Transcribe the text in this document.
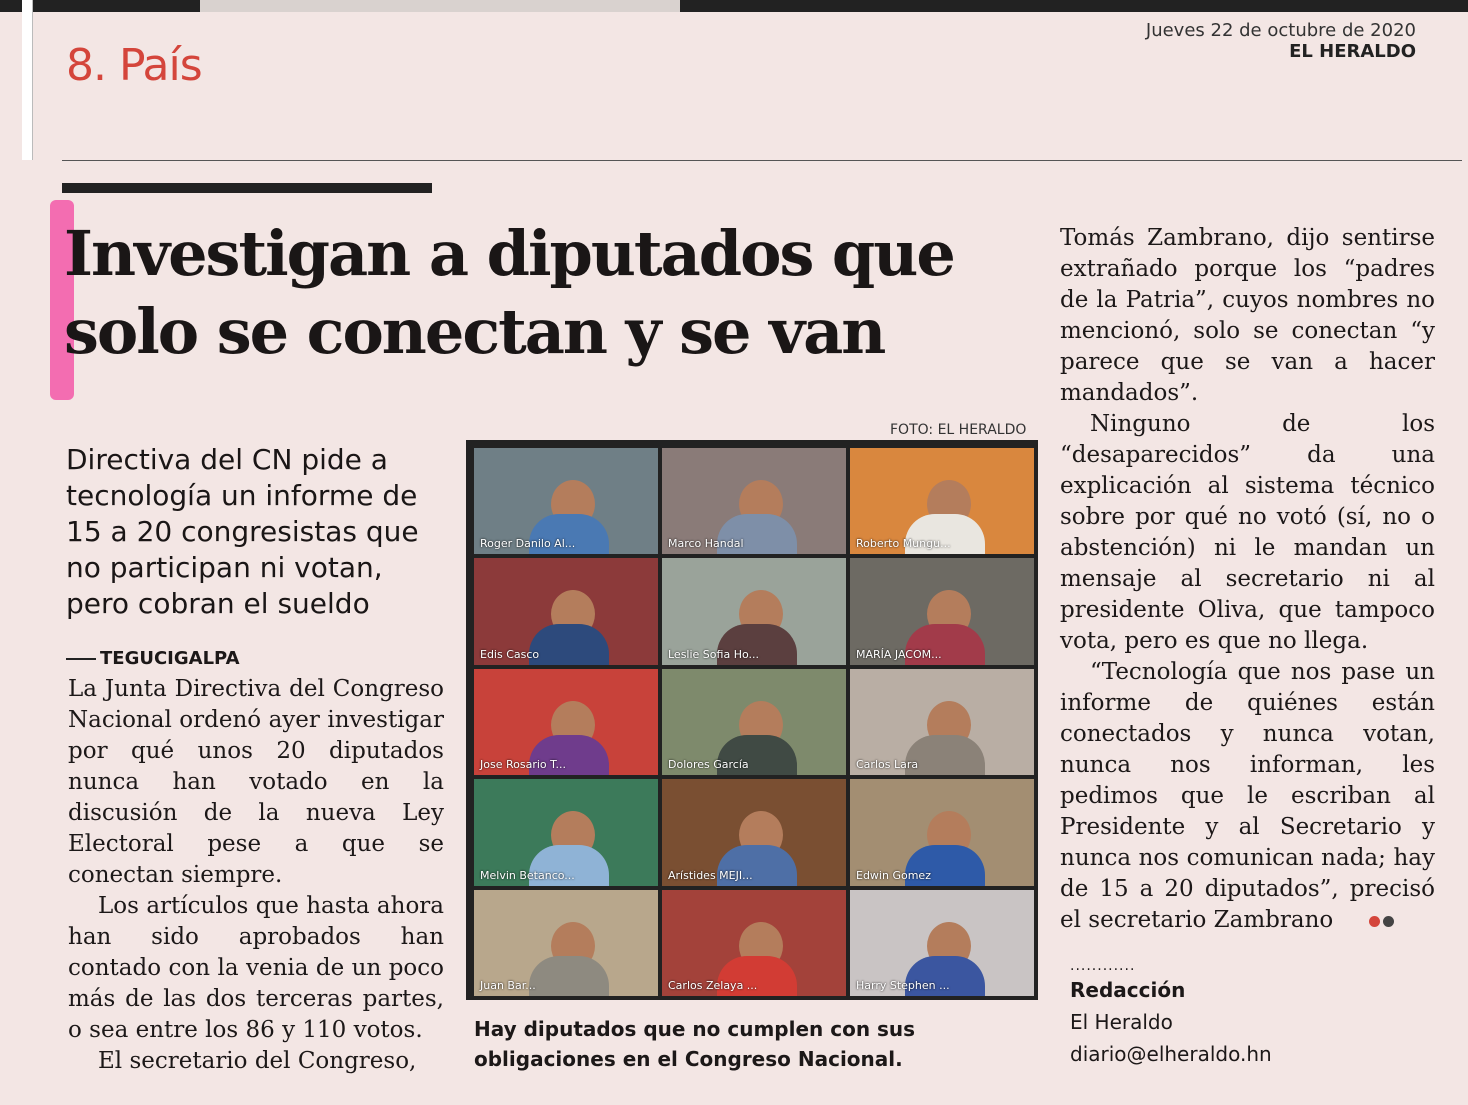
8. País
Jueves 22 de octubre de 2020
EL HERALDO
Investigan a diputados que
solo se conectan y se van
Directiva del CN pide a tecnología un informe de 15 a 20 congresistas que no participan ni votan, pero cobran el sueldo
TEGUCIGALPA

La Junta Directiva del Congreso Nacional ordenó ayer investigar por qué unos 20 diputados nunca han votado en la discusión de la nueva Ley Electoral pese a que se conectan siempre.

Los artículos que hasta ahora han sido aprobados han contado con la venia de un poco más de las dos terceras partes, o sea entre los 86 y 110 votos.

El secretario del Congreso,

FOTO: EL HERALDO
Roger Danilo Al...	Marco Handal	Roberto Mungu...
Edis Casco	Leslie Sofia Ho...	MARÍA JACOM...
Jose Rosario T...	Dolores García	Carlos Lara
Melvin Betanco...	Arístides MEJI...	Edwin Gomez
Juan Bar...	Carlos Zelaya ...	Harry Stephen ...
Hay diputados que no cumplen con sus obligaciones en el Congreso Nacional.

Tomás Zambrano, dijo sentirse extrañado porque los “padres de la Patria”, cuyos nombres no mencionó, solo se conectan “y parece que se van a hacer mandados”.

Ninguno de los “desaparecidos” da una explicación al sistema técnico sobre por qué no votó (sí, no o abstención) ni le mandan un mensaje al secretario ni al presidente Oliva, que tampoco vota, pero es que no llega.

“Tecnología que nos pase un informe de quiénes están conectados y nunca votan, nunca nos informan, les pedimos que le escriban al Presidente y al Secretario y nunca nos comunican nada; hay de 15 a 20 diputados”, precisó el secretario Zambrano

............
Redacción
El Heraldo
diario@elheraldo.hn
